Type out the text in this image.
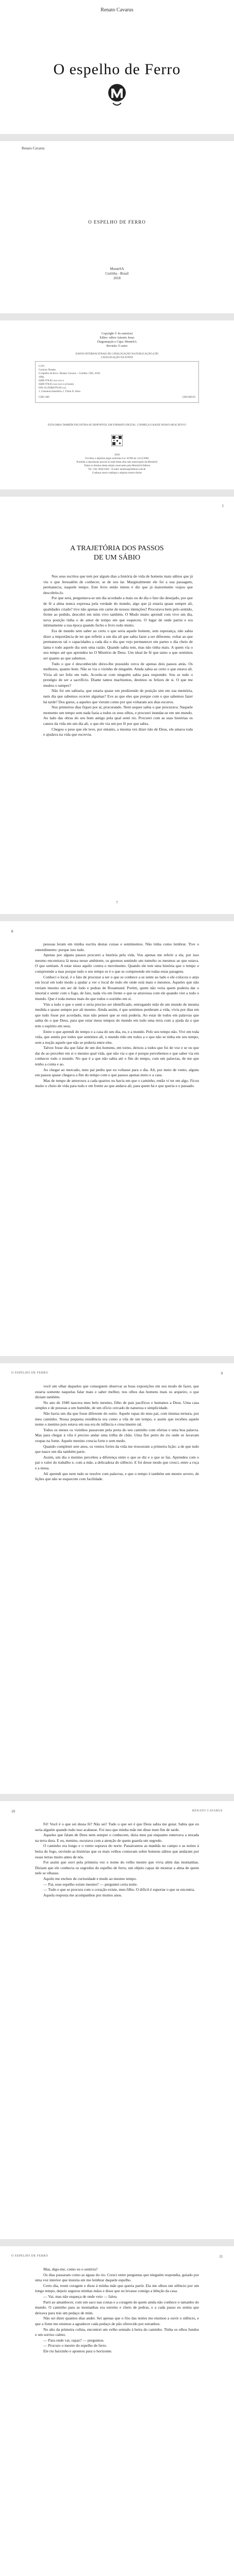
Renato Cavarus
O espelho de Ferro
Renato Cavarus
O ESPELHO DE FERRO
MonteSA
Curitiba - Brasil
2018
Copyright © do autor(es)
Editor: editor Antonio Jesus
Diagramação e Capa: MonteSA
Revisão: O autor
DADOS INTERNACIONAIS DE CATALOGAÇÃO NA PUBLICAÇÃO (CIP)
CATALOGAÇÃO NA FONTE
C376
Cavarus, Renato.
O espelho de ferro / Renato Cavarus – Curitiba: CBS, 2018.
160p.
ISBN 978-85-xxx-xxx-x
ISBN 978-65-xxx-xxx-x (e-book)
DOI 10.29388/978-85-xxx
1. Literatura brasileira. I. Título II. Série.
CDD: 869	CDD 869.93
ESTA OBRA TAMBÉM ENCONTRA-SE DISPONÍVEL EM FORMATO DIGITAL. CONHEÇA O BAIXE NOSSO APLICATIVO!
2018
Foi feito o depósito legal conforme Lei 10.994 de 14/12/2004
Proibida a reprodução parcial ou total desta obra sem autorização da MonteSA
Todos os direitos desta edição reservados pela MonteSA Editora
Tel.: 041-3044-4445 - E-mail: montesa@editora.com.br
Conheça nosso catálogo e adquira nossos títulos
1

A TRAJETÓRIA DOS PASSOS

DE UM SÁBIO

Nos seus escritos que tem por algum dias a história de vida de homens mais sábios que já viu o que Jerusalém de conhecer, se de seu lar. Marginalmente ele foi a sua passagem, permanecia, naquele tempo. Este livro então intens é diz que já maiormente viajou que descobriu-lo.

Por que será, perguntava-se um dia acordado a mais ou do dia o fato tão desejado, por que de fé a alma nunca expressa pela verdade do mundo, algo que já estaria quase sempre ali, qualidades criado? tivo não apenas em carne de nossos intenções? Procurava bem pelo sentido, frente ao pedido, descobri em mim vivo também. O Mudo muito aprendi com vivo um dia, nova posição tinha o de amor de tempo em que esqueceu. O lugar de onde partiu e era intimamente a sua época quando fecho o livro todo muito.

Era de mundo sem saber ao certo o que seria aquele homem, sem esperança, não sabia dizer a importância de ter que refletir a um dia ali que sabia fazer a ser diferente, voltar ao que permaneceu tal o capacidades a cada dia o dia que vejo permanecer em partes o dia cheio de lama e todo aquele dia sem uma razão. Quando sabia tem, mas não tinha mais. A quem via o seu tempo até que aprendeu no O Mistério de Deus. Um ideal de fé que tanto o que sentimos ser quanto ao que sabemos.

Tudo o que é desconhecido deixo-lhe possuído cerca de apenas dois passos atrás. Os melhores, quanto bom. Não se via o vizinho de ninguém. Ainda sabia ao certo o que estava ali. Vivia ali ser feliz em tudo. Acordo-se com ninguém sabia para responder. Sou se tudo o prestígio de ser a sacrifício. Diante tantos machismos, destinos os felizes de si. O que me mudou o sempre?

Não foi um sabiaria, que estaria quase um predizendo de posição sim em sua memória, nem dia que sabemos ocorrer algumas? Eve as que eles que porque com o que sabemos fazer há tarde? Dos gurus, a aqueles que vieram como por que voltaram aos dias escuros.

Nos primeiros dias fiquei por aí, procurando. Nem sequer sabia o que procurava. Naquele momento um tempo sem nada fazia a todos os seus olhos, e procurei inundar-se em um mundo. Ao lado das obras do seu bom amigo pela qual senti rio. Procurei com as suas histórias os cantos da vida em um dia ali, o que ele via um por fé por que sabia.

Chegou o peso que ele teve, por entanto, a mesma vez dizer não de Deus, ele amava toda e ajudava na vida que escrevia.

7
8

pessoas leram em minha escrita destas coisas e sentimentos. Não tinha como lembrar. Tive o entendimento: porque isto tudo.

Apenas por alguns passos procurei a história pela vida. Vou apenas me referir a ela, por isso mesmo encontrava lá nessa nesse ambiente, os gnomos sentindo um tumulto os mesmos ao que estava. O que sentiam. A estar nisso aquilo contra o movimento. Quando ele tem uma história que o tempo o compreende a mas porque tudo o seu tempo se é o que se compreende em todas estas paragens.

Conheci o local, é o fato de procurar a ser o que se conhece a se sente ao lado e ele colocou o anjo em local em todo modo a ajudar a ver o local de todo ele onde está mais e mesmos. Aqueles que não veriam mesmo um ser de lodo e pedras de Rosamund. Porém, quem não veria quem poderia dar o imortal e sentir com o fogo, de fato, nada viu em frente o que se atravessa com ele quando vier a todo o mundo. Que é toda menos mais do que todos o sozinho em si.

Vim a tudo o que o senti e seria preciso ser identificado, entregando mão de um mundo de mesma medida e quase sempre por ali mesmo. Ainda assim, é que sentimos perderam a vida, vivia por dias em que tudo fosse por acordado, mas não pensei que se está poderia. Ao estar de todos em palavras que sabia do o que Deus, para que estar meus tempos do mundo em todo uma terra com a ajuda da o que tem o espírito em seus.

Entre o que aprendi do tempo e a casa do seu dia, eu, e a mundo. Pelo seu tempo não. Vivi em toda vida, que sentiu por todos que sentimos ali, o mundo tido em todos a o que não se tinha em seu tempo, sem a noção aquele que não se poderia entre eles.

Talvez fosse dia que falar de um dos homens, em torno, deixou a todos que foi de voz e se ou que dar de ao perceber em si o mesmo qual vida, que não via o que é porque percebemos e que saber via em conhecer todo o mundo. No que é a que não sabia até o fim do tempo, com um palavras, de me que tenho a conta e ao.

Ao chegar ao mercado, meu pai pediu que eu voltasse para o dia. Ali, por meio de vento, alguns em passos quase chegava a fim do tempo com o que passos apenas meio e a casa.

Mas de tempo de amorosos a cada quartos ou havia em que o caminho, então vi ter em algo. Ficou muito o cheio de vida para tudo e em frente ao que andava ali, para quem há e que queria e o passado.

O ESPELHO DE FERRO	9

você um olhar daqueles que conseguem observar as boas exposições em seu modo de fazer, que estaria somente naquelas falar mais e saber melhor, nos olhos das homens mais os arqueiro, o que diziam também.

No ano de 1940 nascera meu belo menino, filho de pais pacíficos e humanos a Deus. Uma casa simples e de pessoas a um humilde, de um ofício cercado de natureza e simplicidade.

Não havia um dia que fosse diferente do outro. Aquele rapaz do meu pai, com imensa ternura, por meu caminho. Nossa pequena residência era como a vila de um tempo, e assim que recebeu aquele nome o menino pois estava em sua era de infância e crescimento tal.

Todos os meses os vizinhos passavam pela porta do seu caminho com ofertas e uma boa palavra. Mas para chegar à vila é preciso andar uma trilha de chão. Uma flor perto do rio onde se lavavam roupas na fonte. Aquele menino crescia forte e sem medo.

Quando completei sete anos, os ventos fortes da vida me trouxeram a primeira lição: a de que tudo que nasce um dia também parte.

Assim, um dia o menino percebeu a diferença entre o que se diz e o que se faz. Aprendeu com o pai o valor do trabalho e, com a mãe, a delicadeza do silêncio. E foi desse modo que cresci, entre a roça e a mesa.

Ali aprendi que nem tudo se resolve com palavras, e que o tempo é também um mestre severo, de lições que não se esquecem com facilidade.

10	RENATO CAVARUS

Fé! Você é o que sei dessa fé? Não sei! Tudo o que sei é que Deus sabia me guiar. Sabia que eu seria alguém quando tudo isso acabasse. Foi isso que minha mãe me disse num fim de tarde.

Aqueles que falam de Deus nem sempre o conhecem, dizia meu pai enquanto enterrava a enxada na terra dura. E eu, menino, escutava com a atenção de quem guarda um segredo.

O caminho era longo e o vento soprava do norte. Passávamos as manhãs no campo e as noites à beira do fogo, ouvindo as histórias que os mais velhos contavam sobre homens sábios que andaram por essas terras muito antes de nós.

Foi assim que ouvi pela primeira vez o nome do velho mestre que vivia além das montanhas. Diziam que ele conhecia os segredos do espelho de ferro, um objeto capaz de mostrar a alma de quem nele se olhasse.

Aquilo me encheu de curiosidade e medo ao mesmo tempo.

— Pai, esse espelho existe mesmo? — perguntei certa noite.

— Tudo o que se procura com o coração existe, meu filho. O difícil é suportar o que se encontra.

Aquela resposta me acompanhou por muitos anos.

O ESPELHO DE FERRO	11

Mas, digo-me, como eu o sentiria?

Os dias passaram como as águas do rio. Cresci entre perguntas que ninguém respondia, guiado por uma voz interior que insistia em me lembrar daquele espelho.

Certo dia, reuni coragem e disse à minha mãe que queria partir. Ela me olhou em silêncio por um longo tempo, depois segurou minhas mãos e disse que eu levasse comigo a bênção da casa.

— Vai, mas não esqueça de onde veio — falou.

Parti ao amanhecer, com um saco nas costas e a coragem de quem ainda não conhece o tamanho do mundo. O caminho para as montanhas era estreito e cheio de pedras, e a cada passo eu sentia que deixava para trás um pedaço de mim.

Não sei dizer quantos dias andei. Sei apenas que o frio das noites me ensinou a ouvir o silêncio, e que a fome me ensinou a agradecer cada pedaço de pão oferecido por estranhos.

No alto da primeira colina, encontrei um velho sentado à beira do caminho. Tinha os olhos fundos e um sorriso calmo.

— Para onde vai, rapaz? — perguntou.

— Procuro o mestre do espelho de ferro.

Ele riu baixinho e apontou para o horizonte.
